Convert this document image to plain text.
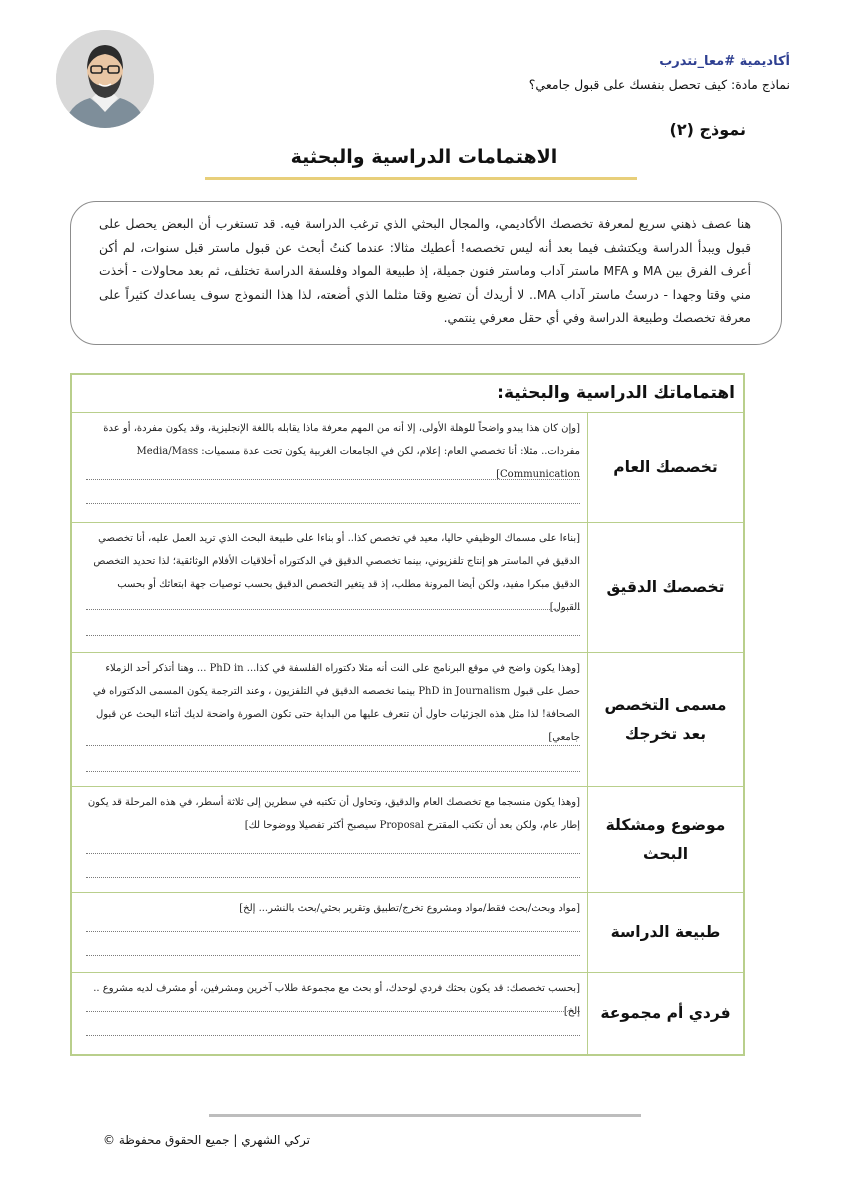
أكاديمية #معا_نتدرب
نماذج مادة: كيف تحصل بنفسك على قبول جامعي؟
نموذج (٢)
الاهتمامات الدراسية والبحثية

هنا عصف ذهني سريع لمعرفة تخصصك الأكاديمي، والمجال البحثي الذي ترغب الدراسة فيه. قد تستغرب أن البعض يحصل على قبول ويبدأ الدراسة ويكتشف فيما بعد أنه ليس تخصصه! أعطيك مثالا: عندما كنتُ أبحث عن قبول ماستر قبل سنوات، لم أكن أعرف الفرق بين MA و MFA ماستر آداب وماستر فنون جميلة، إذ طبيعة المواد وفلسفة الدراسة تختلف، ثم بعد محاولات - أخذت مني وقتا وجهدا - درستُ ماستر آداب MA.. لا أريدك أن تضيع وقتا مثلما الذي أضعته، لذا هذا النموذج سوف يساعدك كثيراً على معرفة تخصصك وطبيعة الدراسة وفي أي حقل معرفي ينتمي.

اهتماماتك الدراسية والبحثية:
تخصصك العام
[وإن كان هذا يبدو واضحاً للوهلة الأولى، إلا أنه من المهم معرفة ماذا يقابله باللغة الإنجليزية، وقد يكون مفردة، أو عدة مفردات.. مثلا: أنا تخصصي العام: إعلام، لكن في الجامعات الغربية يكون تحت عدة مسميات: Media/Mass Communication]
تخصصك الدقيق
[بناءا على مسماك الوظيفي حاليا، معيد في تخصص كذا.. أو بناءا على طبيعة البحث الذي تريد العمل عليه، أنا تخصصي الدقيق في الماستر هو إنتاج تلفزيوني، بينما تخصصي الدقيق في الدكتوراه أخلاقيات الأفلام الوثائقية؛ لذا تحديد التخصص الدقيق مبكرا مفيد، ولكن أيضا المرونة مطلب، إذ قد يتغير التخصص الدقيق بحسب توصيات جهة ابتعاثك أو بحسب القبول]
مسمى التخصص بعد تخرجك
[وهذا يكون واضح في موقع البرنامج على النت أنه مثلا دكتوراه الفلسفة في كذا... PhD in ... وهنا أتذكر أحد الزملاء حصل على قبول PhD in Journalism بينما تخصصه الدقيق في التلفزيون ، وعند الترجمة يكون المسمى الدكتوراه في الصحافة! لذا مثل هذه الجزئيات حاول أن تتعرف عليها من البداية حتى تكون الصورة واضحة لديك أثناء البحث عن قبول جامعي]
موضوع ومشكلة البحث
[وهذا يكون منسجما مع تخصصك العام والدقيق، وتحاول أن تكتبه في سطرين إلى ثلاثة أسطر، في هذه المرحلة قد يكون إطار عام، ولكن بعد أن تكتب المقترح Proposal سيصبح أكثر تفصيلا ووضوحا لك]
طبيعة الدراسة
[مواد وبحث/بحث فقط/مواد ومشروع تخرج/تطبيق وتقرير بحثي/بحث بالنشر... إلخ]
فردي أم مجموعة
[بحسب تخصصك: قد يكون بحثك فردي لوحدك، أو بحث مع مجموعة طلاب آخرين ومشرفين، أو مشرف لديه مشروع .. إلخ]
تركي الشهري | جميع الحقوق محفوظة ©
